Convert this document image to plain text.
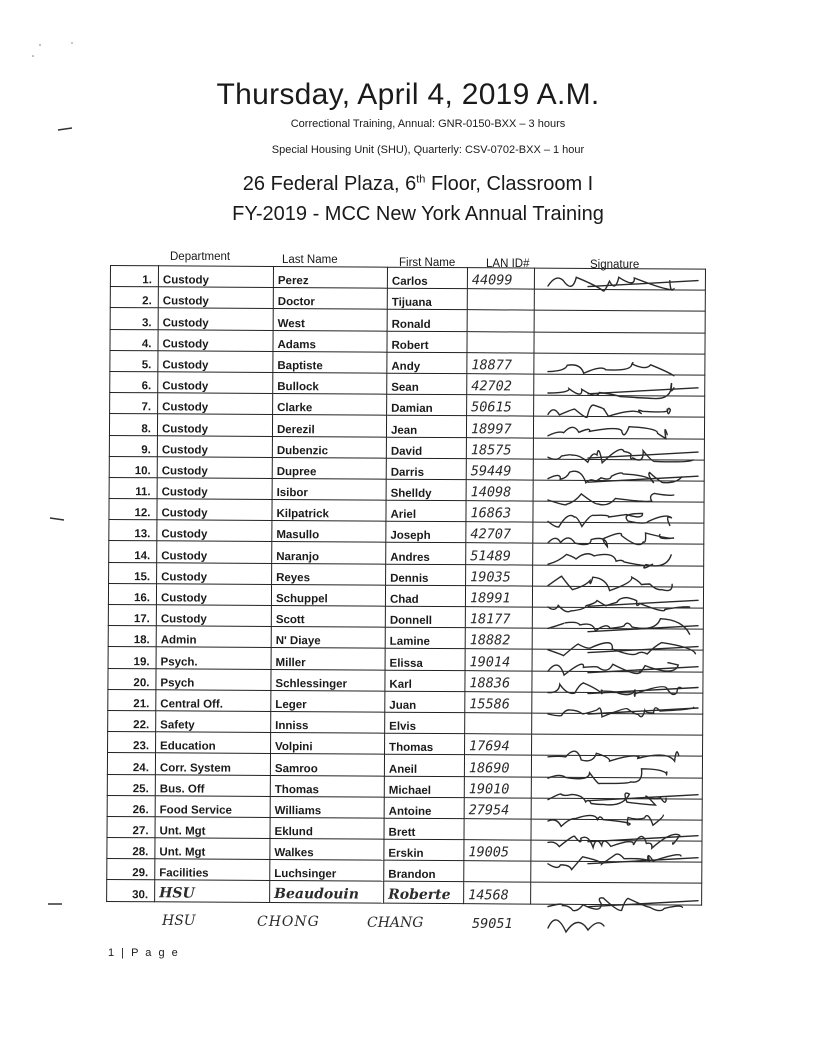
Thursday, April 4, 2019 A.M.
Correctional Training, Annual: GNR-0150-BXX – 3 hours
Special Housing Unit (SHU), Quarterly: CSV-0702-BXX – 1 hour
26 Federal Plaza, 6th Floor, Classroom I
FY-2019 - MCC New York Annual Training
Department	Last Name	First Name	LAN ID#	Signature
1.	Custody	Perez	Carlos	44099	
2.	Custody	Doctor	Tijuana		
3.	Custody	West	Ronald		
4.	Custody	Adams	Robert		
5.	Custody	Baptiste	Andy	18877	
6.	Custody	Bullock	Sean	42702	
7.	Custody	Clarke	Damian	50615	
8.	Custody	Derezil	Jean	18997	
9.	Custody	Dubenzic	David	18575	
10.	Custody	Dupree	Darris	59449	
11.	Custody	Isibor	Shelldy	14098	
12.	Custody	Kilpatrick	Ariel	16863	
13.	Custody	Masullo	Joseph	42707	
14.	Custody	Naranjo	Andres	51489	
15.	Custody	Reyes	Dennis	19035	
16.	Custody	Schuppel	Chad	18991	
17.	Custody	Scott	Donnell	18177	
18.	Admin	N' Diaye	Lamine	18882	
19.	Psych.	Miller	Elissa	19014	
20.	Psych	Schlessinger	Karl	18836	
21.	Central Off.	Leger	Juan	15586	
22.	Safety	Inniss	Elvis		
23.	Education	Volpini	Thomas	17694	
24.	Corr. System	Samroo	Aneil	18690	
25.	Bus. Off	Thomas	Michael	19010	
26.	Food Service	Williams	Antoine	27954	
27.	Unt. Mgt	Eklund	Brett		
28.	Unt. Mgt	Walkes	Erskin	19005	
29.	Facilities	Luchsinger	Brandon		
30.	HSU	Beaudouin	Roberte	14568	
HSU	CHONG	CHANG	59051
1 | P a g e
